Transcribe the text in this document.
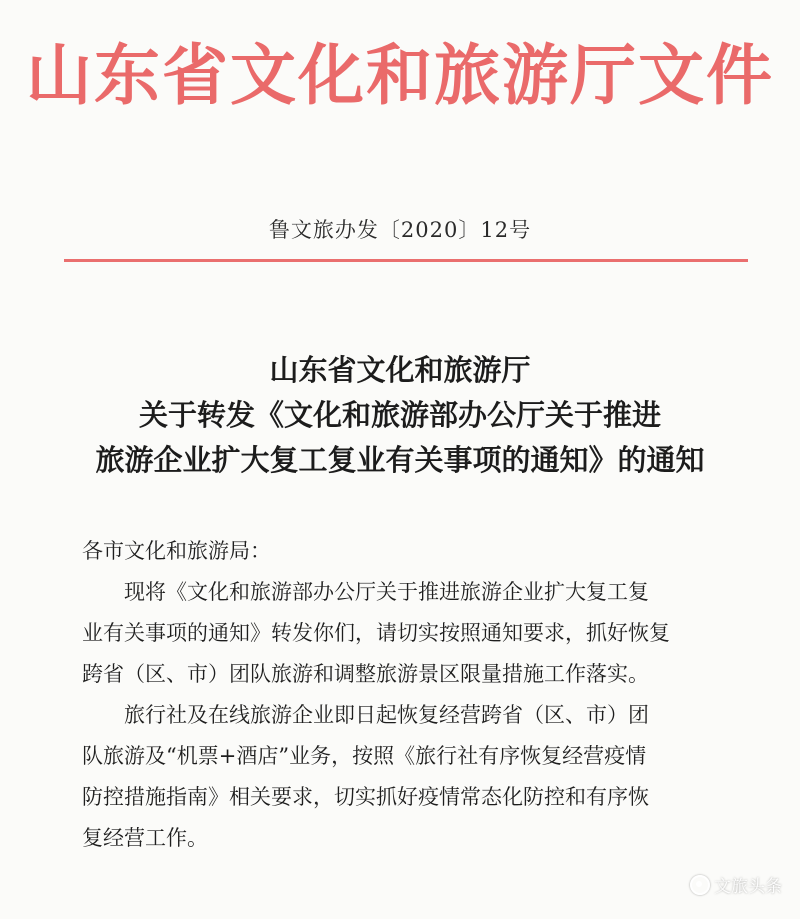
山东省文化和旅游厅文件
鲁文旅办发〔2020〕12号
山东省文化和旅游厅
关于转发《文化和旅游部办公厅关于推进
旅游企业扩大复工复业有关事项的通知》的通知
各市文化和旅游局：
现将《文化和旅游部办公厅关于推进旅游企业扩大复工复
业有关事项的通知》转发你们，请切实按照通知要求，抓好恢复
跨省（区、市）团队旅游和调整旅游景区限量措施工作落实。
旅行社及在线旅游企业即日起恢复经营跨省（区、市）团
队旅游及“机票+酒店”业务，按照《旅行社有序恢复经营疫情
防控措施指南》相关要求，切实抓好疫情常态化防控和有序恢
复经营工作。
文旅头条
